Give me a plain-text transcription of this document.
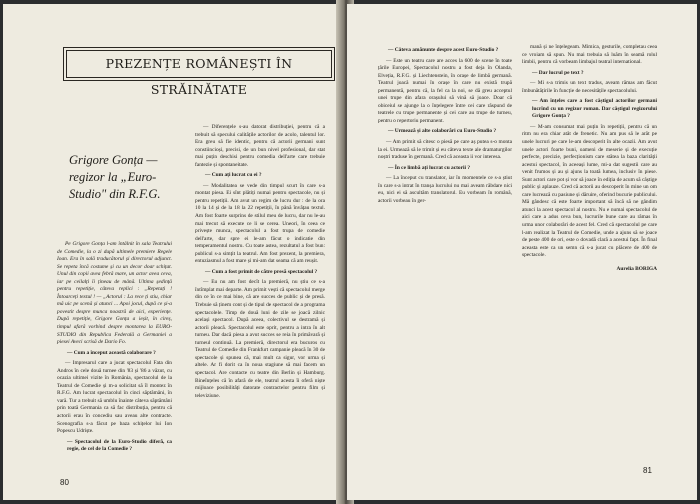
PREZENȚE ROMÂNEȘTI ÎN STRĂINĂTATE
Grigore Gonța — regizor la „Euro-Studio" din R.F.G.

Pe Grigore Gonța l-am întâlnit în sala Teatrului de Comedie, la o zi după ultimele premiere Regele Ioan. Era în sală traducătorul și directorul adjunct. Se repeta încă costume și cu un decor doar schițat. Unul din copii avea febră mare, un actor avea ceva, iar pe ceilalți îi țineau de mână. Ultima ședință pentru repetiție, câteva replici : „Repetați ! Întoarceți textul ! — „Actorul : La rece ți stiu, chiar mă uic pe scenă și atunci ... Apoi jocul, după ce și-a povestit despre munca noastră de aici, experiențe. După repetiție, Grigore Gonța a ieșit, în cireș, timpul afară vorbind despre montarea la EURO-STUDIO din Republica Federală a Germaniei a piesei Aveci scrisă de Dario Fo.

— Cum a început această colaborare ?

— Impresarul care a jucat spectacolul Fata din Andros în cele două turnee din '83 și '86 a văzut, cu ocazia ultimei vizite în România, spectacolul de la Teatrul de Comedie și m-a solicitat să îl montez în R.F.G. Am lucrat spectacolul în cinci săptămâni, în vară. Tur a trebuit să umblu înainte câteva săptămâni prin toată Germania ca să fac distribuția, pentru că actorii erau în concediu sau aveau alte contracte. Scenografia s-a făcut pe baza schițelor lui Ion Popescu Udriște.

— Spectacolul de la Euro-Studio diferă, ca regie, de cel de la Comedie ?

— Diferențele s-au datorat distribuției, pentru că a trebuit să specului calitățile actorilor de acolo, talentul lor. Era greu să fie identic, pentru că actorii germani sunt constiincioși, precisi, de un bun nivel profesional, dar stat mai puțin deschisi pentru comedia dell'arte care trebuie fantezie și spontaneitate.

— Cum ați lucrat cu ei ?

— Modalitatea se vede din timpul scurt în care s-a montat piesa. Ei sînt plătiți numai pentru spectacole, nu și pentru repetiții. Am avut un regim de lucru dur : de la ora 10 la 14 și de la 18 la 22 repetiții, în până învățau textul. Am fost foarte surprins de stilul meu de lucru, dar nu le-au mai trecut să execute ce li se cerea. Uneori, în ceea ce privește munca, spectacolul a fost trupa de comedie dell'arte, dar spre ei le-am făcut o indicatie din temperamentul nostru. Cu toate astea, rezultatul a fost bun: publicul s-a simțit la teatrul. Am fost prezent, la premiera, entuziasmul a fost mare și mi-am dat seama că am reușit.

— Cum a fost primit de către presă spectacolul ?

— Eu nu am fost decît la premieră, nu știu ce s-a întîmplat mai departe. Am primit vești că spectacolul merge din ce în ce mai bine, că are succes de public și de presă. Trebuie să ținem cont și de tipul de spectacol de a programa spectacolele. Timp de două luni de zile se joacă zilnic același spectacol. După aceea, colectivul se destramă și actorii pleacă. Spectacolul este oprit, pentru a intra în alt turneu. Dar dacă piesa a avut succes se reia în primăvară și turneul continuă. La premieră, directorul era bucuros cu Teatrul de Comedie din Frankfurt campanie pleacă în 30 de spectacole și spunea că, mai mult ca sigur, vor urma și altele. Ar fi dorit ca în noua stagiune să mai facem un spectacol. Are contacte cu teatre din Berlin și Hamburg. Bineînțeles că în afară de ele, teatrul acesta îi oferă niște mijloace posibilități datorate contractelor pentru film și televiziune.

80

— Câteva amănunte despre acest Euro-Studio ?

— Este un teatru care are acces la 600 de scene în toate țările Europei, Spectacolul nostru a fost deja în Olanda, Elveția, R.F.G. și Liechtenstein, în orașe de limbă germană. Teatrul joacă numai în orașe în care nu există trupă permanentă, pentru că, la fel ca la noi, se dă greu acceptul unei trupe din afara orașului să vină să joace. Doar că obiceiul se ajunge la o înțelegere între cei care răspund de teatrele cu trupe permanente și cei care au trupe de turneu, pentru o repertoriu permanent.

— Urmează și alte colaborări cu Euro-Studio ?

— Am primit să citesc o piesă pe care aș putea s-o monta la ei. Urmează să le trimit și eu câteva texte ale dramaturgilor noștri traduse în germană. Cred că aceasta ii vor interesa.

— În ce limbă ați lucrat cu actorii ?

— La început cu translator, iar în momentele ce s-a știut în care s-a intrat în tranșa lucrului nu mai aveam răbdare nici eu, nici ei să ascultăm translatorul. Eu vorbeam în română, actorii vorbeau în ger-

mană și ne înțelegeam. Mimica, gesturile, completau ceea ce vroiam să spun. Nu mai trebuia să luăm în seamă rolul limbii, pentru că vorbeam limbajul teatral international.

— Dar lucrul pe text ?

— Mi s-a trimis un text tradus, aveam rămas am făcut îmbunătățirile în funcție de necesitățile spectacolului.

— Am înțeles care a fost câștigul actorilor germani lucrînd cu un regizor roman. Dar câștigul regizorului Grigore Gonța ?

— M-am consumat mai puțin în repetiții, pentru că un ritm nu era chiar atât de frenetic. Nu am pus să le arăt pe unele lucruri pe care le-am descoperit în alte ocazii. Am avut unele actori foarte buni, oameni de meserie și de execuție perfecte, precizie, perfecționism care stătea la baza clarității acestui spectacol, în aceeași lume, mi-a dat sugestii care au venit frumos și au și ajuns la toată lumea, inclusiv în piese. Sunt actori care pot și vor să joace în ediția de acum să câștige public și aplauze. Cred că actorii au descoperit în mine un om care lucrează cu pasiune și dăruire, oferind bucurie publicului. Mă gândesc că este foarte important să încă să ne gândim atunci la acest spectacol al nostru. Nu e numai spectacolul de aici care a adus ceva bun, lucrurile bune care au rămas în urma unor colaborări de acest fel. Cred că spectacolul pe care l-am realizat la Teatrul de Comedie, unde a ajuns să se joace de peste 400 de ori, este o dovadă clară a acestui fapt. În final aceasta este ca un semn că s-a jucat cu plăcere de 400 de spectacole.

Aurelia BORIGA

81
